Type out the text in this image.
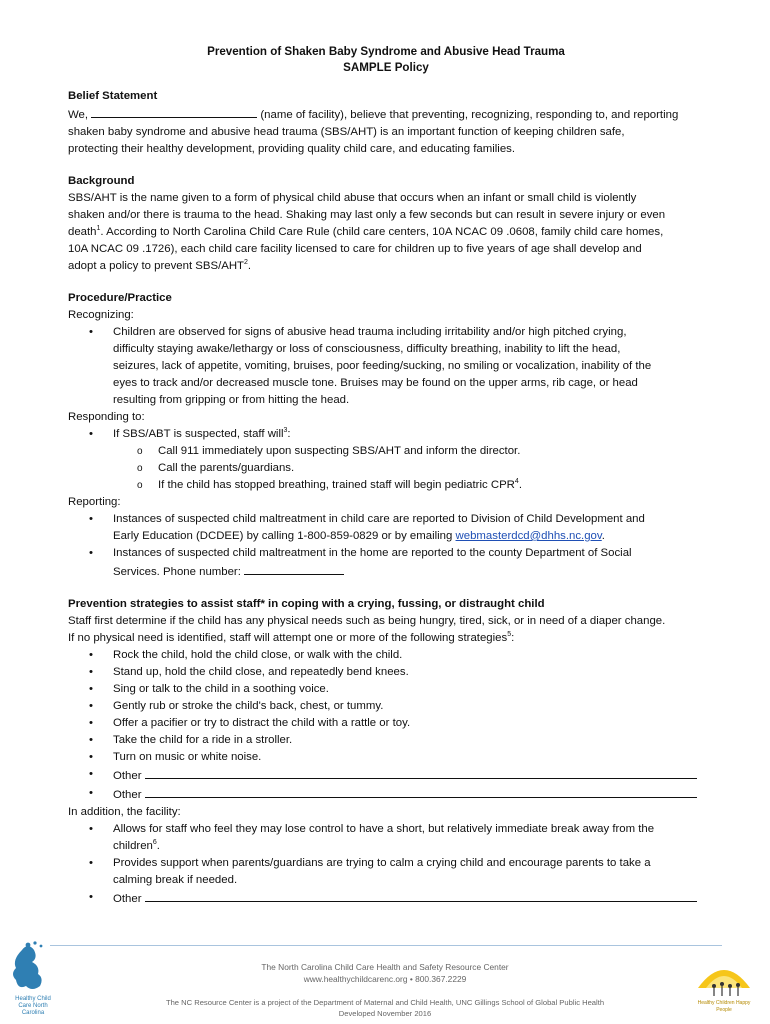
Prevention of Shaken Baby Syndrome and Abusive Head Trauma
SAMPLE Policy
Belief Statement

We,	(name of facility), believe that preventing, recognizing, responding to, and reporting

shaken baby syndrome and abusive head trauma (SBS/AHT) is an important function of keeping children safe,

protecting their healthy development, providing quality child care, and educating families.

Background

SBS/AHT is the name given to a form of physical child abuse that occurs when an infant or small child is violently

shaken and/or there is trauma to the head. Shaking may last only a few seconds but can result in severe injury or even

death$^1$. According to North Carolina Child Care Rule (child care centers, 10A NCAC 09 .0608, family child care homes,

10A NCAC 09 .1726), each child care facility licensed to care for children up to five years of age shall develop and

adopt a policy to prevent SBS/AHT$^2$.

Procedure/Practice

Recognizing:

• Children are observed for signs of abusive head trauma including irritability and/or high pitched crying,
difficulty staying awake/lethargy or loss of consciousness, difficulty breathing, inability to lift the head,
seizures, lack of appetite, vomiting, bruises, poor feeding/sucking, no smiling or vocalization, inability of the
eyes to track and/or decreased muscle tone. Bruises may be found on the upper arms, rib cage, or head
resulting from gripping or from hitting the head.

Responding to:

• If SBS/ABT is suspected, staff will$^3$:
o Call 911 immediately upon suspecting SBS/AHT and inform the director.
o Call the parents/guardians.
o If the child has stopped breathing, trained staff will begin pediatric CPR$^4$.

Reporting:

• Instances of suspected child maltreatment in child care are reported to Division of Child Development and
Early Education (DCDEE) by calling 1-800-859-0829 or by emailing webmasterdcd@dhhs.nc.gov.
• Instances of suspected child maltreatment in the home are reported to the county Department of Social
Services. Phone number:
Prevention strategies to assist staff* in coping with a crying, fussing, or distraught child

Staff first determine if the child has any physical needs such as being hungry, tired, sick, or in need of a diaper change.

If no physical need is identified, staff will attempt one or more of the following strategies$^5$:

• Rock the child, hold the child close, or walk with the child.
• Stand up, hold the child close, and repeatedly bend knees.
• Sing or talk to the child in a soothing voice.
• Gently rub or stroke the child's back, chest, or tummy.
• Offer a pacifier or try to distract the child with a rattle or toy.
• Take the child for a ride in a stroller.
• Turn on music or white noise.
• Other
• Other

In addition, the facility:

• Allows for staff who feel they may lose control to have a short, but relatively immediate break away from the
children$^6$.
• Provides support when parents/guardians are trying to calm a crying child and encourage parents to take a
calming break if needed.
• Other
Healthy Child Care North Carolina
The North Carolina Child Care Health and Safety Resource Center
www.healthychildcarenc.org • 800.367.2229
The NC Resource Center is a project of the Department of Maternal and Child Health, UNC Gillings School of Global Public Health
Developed November 2016
Healthy Children Happy People
